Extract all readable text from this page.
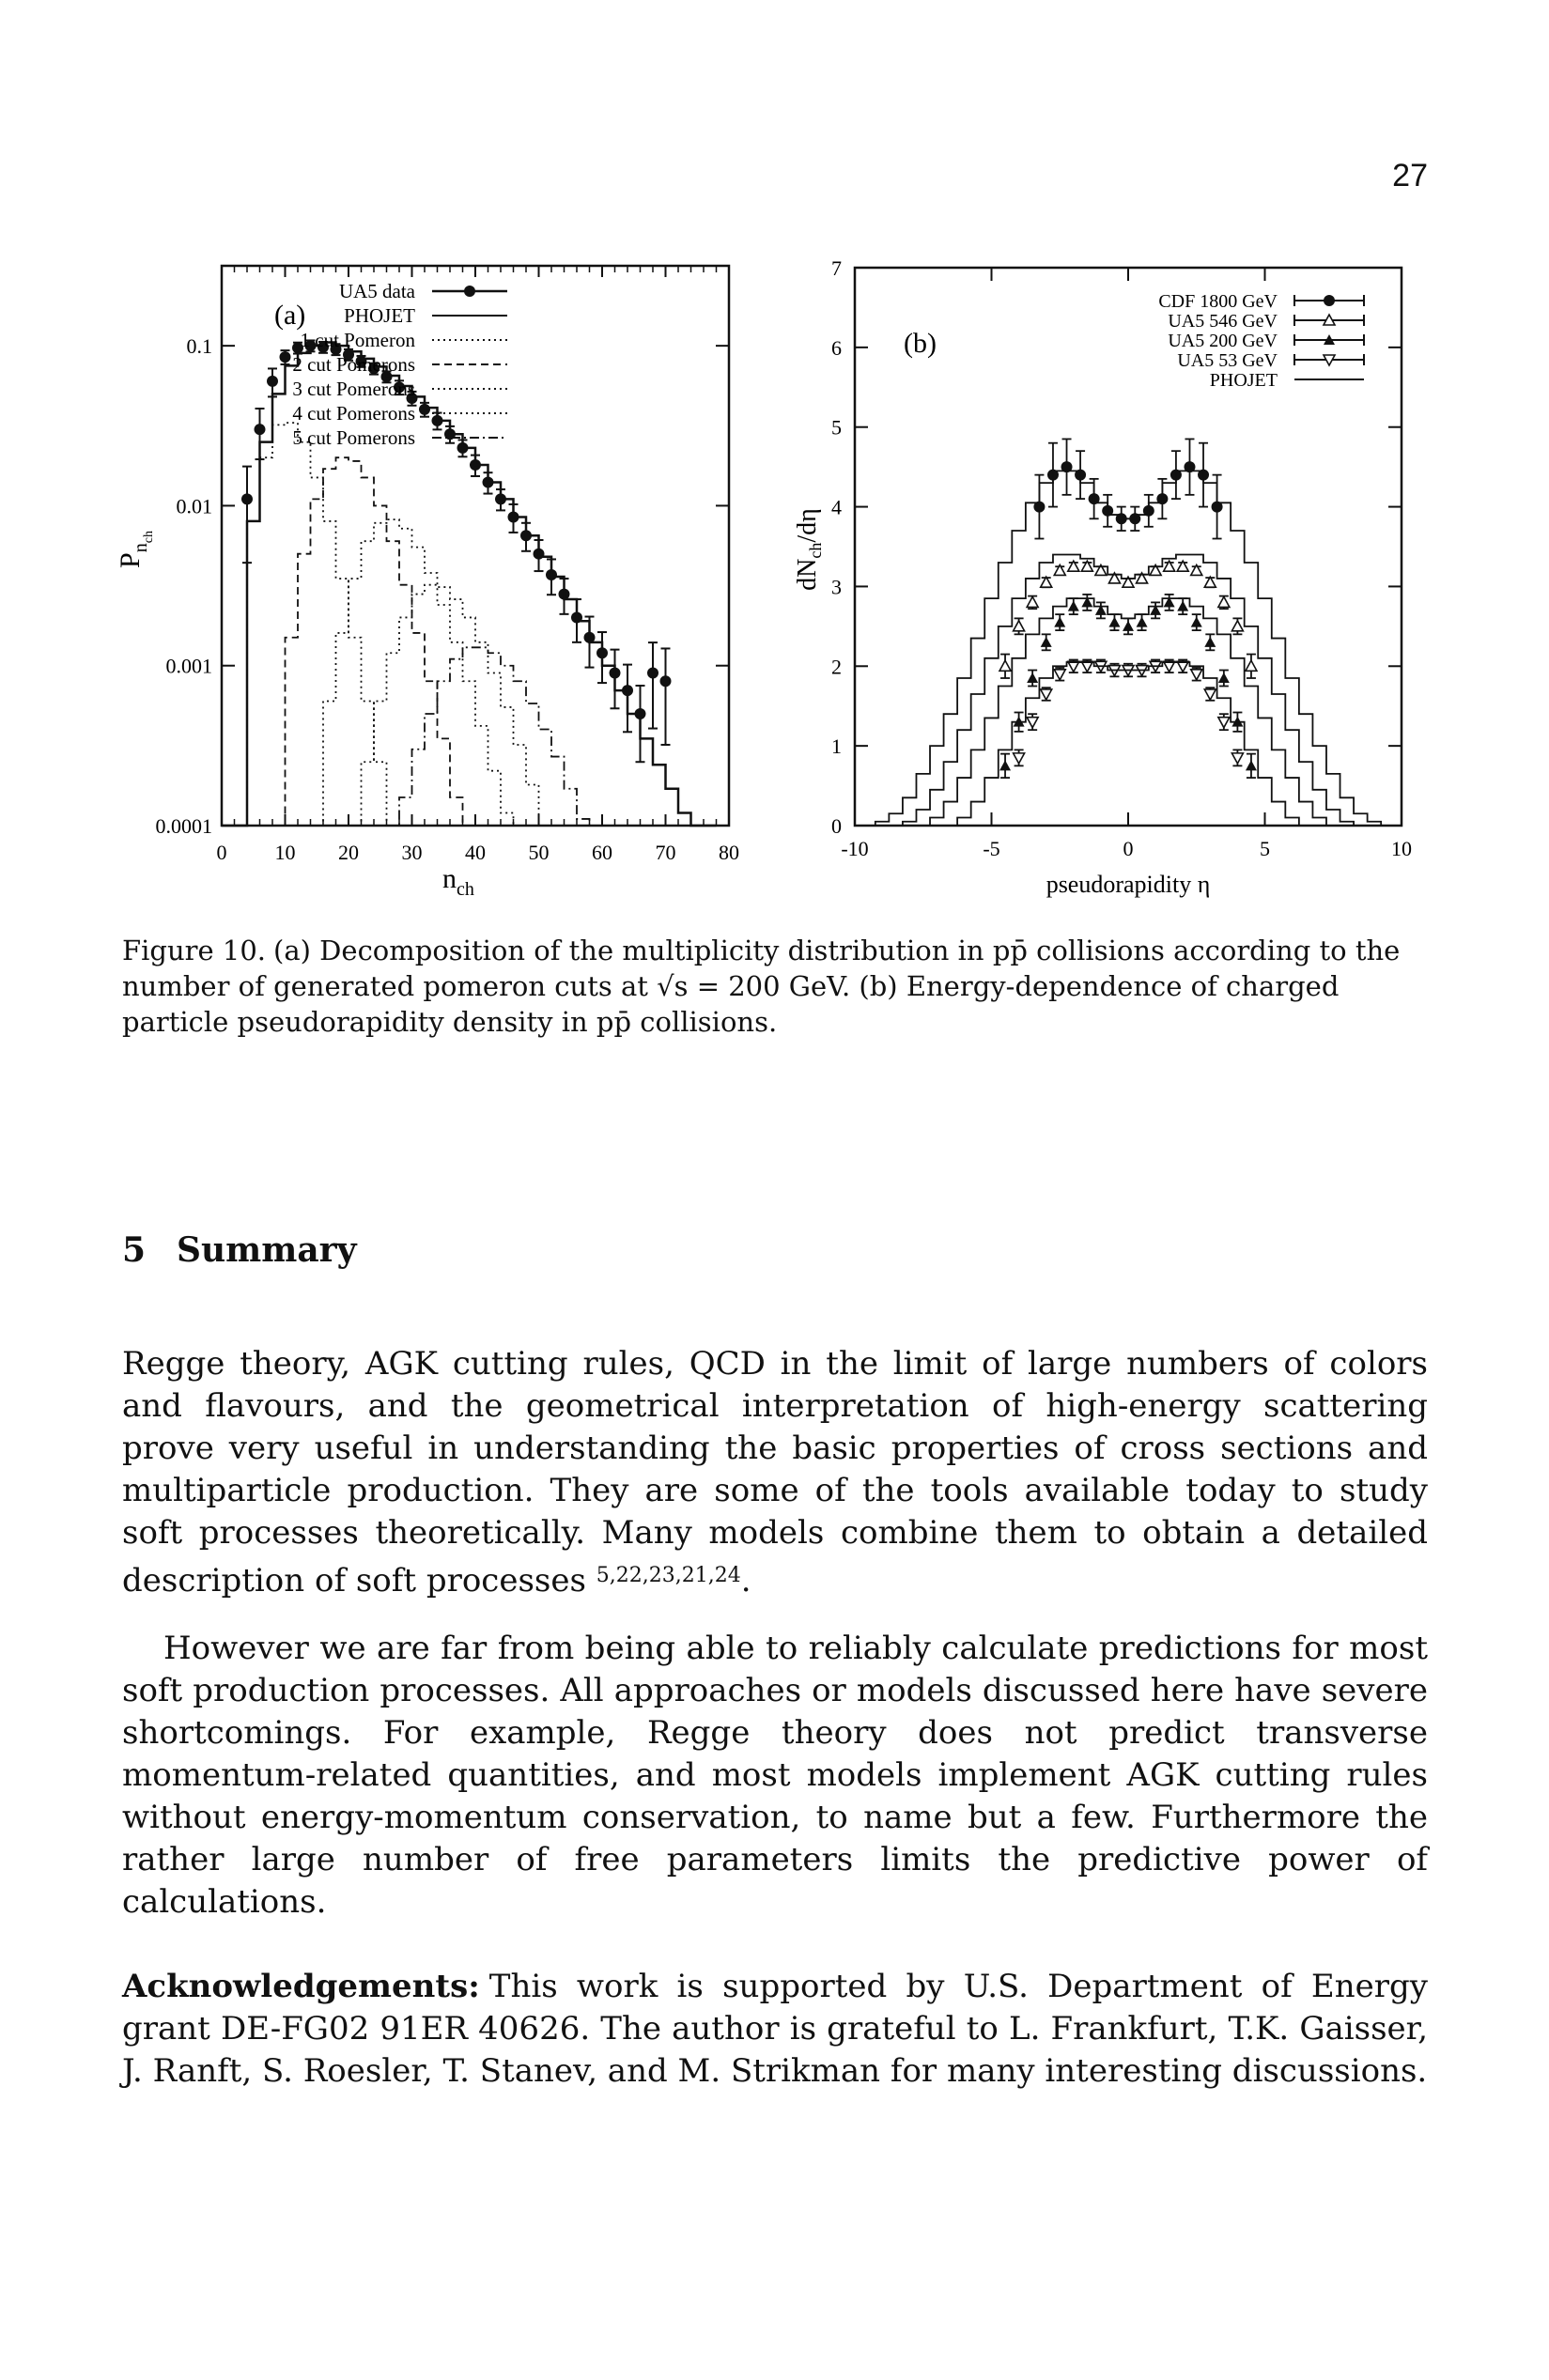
27
(a)
UA5 data
PHOJET
1 cut Pomeron
2 cut Pomerons
3 cut Pomerons
4 cut Pomerons
5 cut Pomerons
0 10 20 30 40 50 60 70 80
0.1
0.01
0.001
0.0001
$n_{ch}$
$P_{nch}$
(b)
CDF 1800 GeV
UA5 546 GeV
UA5 200 GeV
UA5 53 GeV
PHOJET
-10	-5	0	5	10
0
1
2
3
4
5
6
7
pseudorapidity η
$dN_{ch}/d\eta$
Figure 10. (a) Decomposition of the multiplicity distribution in pp̄ collisions according to the number of generated pomeron cuts at √s = 200 GeV. (b) Energy-dependence of charged particle pseudorapidity density in pp̄ collisions.
5 Summary

Regge theory, AGK cutting rules, QCD in the limit of large numbers of colors and flavours, and the geometrical interpretation of high-energy scattering prove very useful in understanding the basic properties of cross sections and multiparticle production. They are some of the tools available today to study soft processes theoretically. Many models combine them to obtain a detailed description of soft processes $^{5,22,23,21,24}$.

However we are far from being able to reliably calculate predictions for most soft production processes. All approaches or models discussed here have severe shortcomings. For example, Regge theory does not predict transverse momentum-related quantities, and most models implement AGK cutting rules without energy-momentum conservation, to name but a few. Furthermore the rather large number of free parameters limits the predictive power of calculations.

Acknowledgements: This work is supported by U.S. Department of Energy grant DE-FG02 91ER 40626. The author is grateful to L. Frankfurt, T.K. Gaisser, J. Ranft, S. Roesler, T. Stanev, and M. Strikman for many interesting discussions.
